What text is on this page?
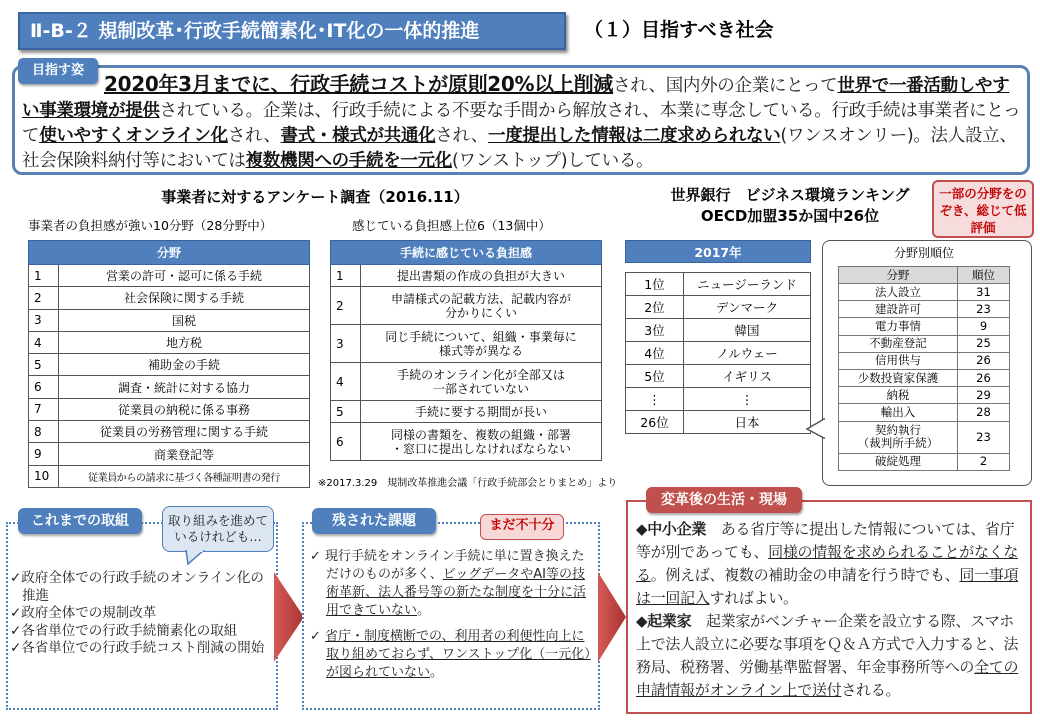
Ⅱ-B-２ 規制改革･行政手続簡素化･IT化の一体的推進	（１）目指すべき社会
目指す姿
2020年3月までに、行政手続コストが原則20%以上削減され、国内外の企業にとって世界で一番活動しやすい事業環境が提供されている。企業は、行政手続による不要な手間から解放され、本業に専念している。行政手続は事業者にとって使いやすくオンライン化され、書式・様式が共通化され、一度提出した情報は二度求められない(ワンスオンリー)。法人設立、社会保険料納付等においては複数機関への手続を一元化(ワンストップ)している。
事業者に対するアンケート調査（2016.11）
事業者の負担感が強い10分野（28分野中）	感じている負担感上位6（13個中）
分野	
1	営業の許可・認可に係る手続
2	社会保険に関する手続
3	国税
4	地方税
5	補助金の手続
6	調査・統計に対する協力
7	従業員の納税に係る事務
8	従業員の労務管理に関する手続
9	商業登記等
10	従業員からの請求に基づく各種証明書の発行
手続に感じている負担感	
1	提出書類の作成の負担が大きい
2	申請様式の記載方法、記載内容が
分かりにくい
3	同じ手続について、組織・事業毎に
様式等が異なる
4	手続のオンライン化が全部又は
一部されていない
5	手続に要する期間が長い
6	同様の書類を、複数の組織・部署
・窓口に提出しなければならない
※2017.3.29　規制改革推進会議「行政手続部会とりまとめ」より
世界銀行　ビジネス環境ランキング
OECD加盟35か国中26位
一部の分野をのぞき、総じて低評価
2017年	

1位	ニュージーランド
2位	デンマーク
3位	韓国
4位	ノルウェー
5位	イギリス
⋮	⋮
26位	日本
分野別順位
分野	順位
法人設立	31
建設許可	23
電力事情	9
不動産登記	25
信用供与	26
少数投資家保護	26
納税	29
輸出入	28
契約執行
（裁判所手続）	23
破綻処理	2
これまでの取組	取り組みを進めているけれども…
✓政府全体での行政手続のオンライン化の推進
✓政府全体での規制改革
✓各省単位での行政手続簡素化の取組
✓各省単位での行政手続コスト削減の開始
残された課題	まだ不十分
✓ 現行手続をオンライン手続に単に置き換えただけのものが多く、ビッグデータやAI等の技術革新、法人番号等の新たな制度を十分に活用できていない。
✓ 省庁・制度横断での、利用者の利便性向上に取り組めておらず、ワンストップ化（一元化）が図られていない。
変革後の生活・現場
◆中小企業　ある省庁等に提出した情報については、省庁等が別であっても、同様の情報を求められることがなくなる。例えば、複数の補助金の申請を行う時でも、同一事項は一回記入すればよい。
◆起業家　起業家がベンチャー企業を設立する際、スマホ上で法人設立に必要な事項をＱ＆Ａ方式で入力すると、法務局、税務署、労働基準監督署、年金事務所等への全ての申請情報がオンライン上で送付される。
